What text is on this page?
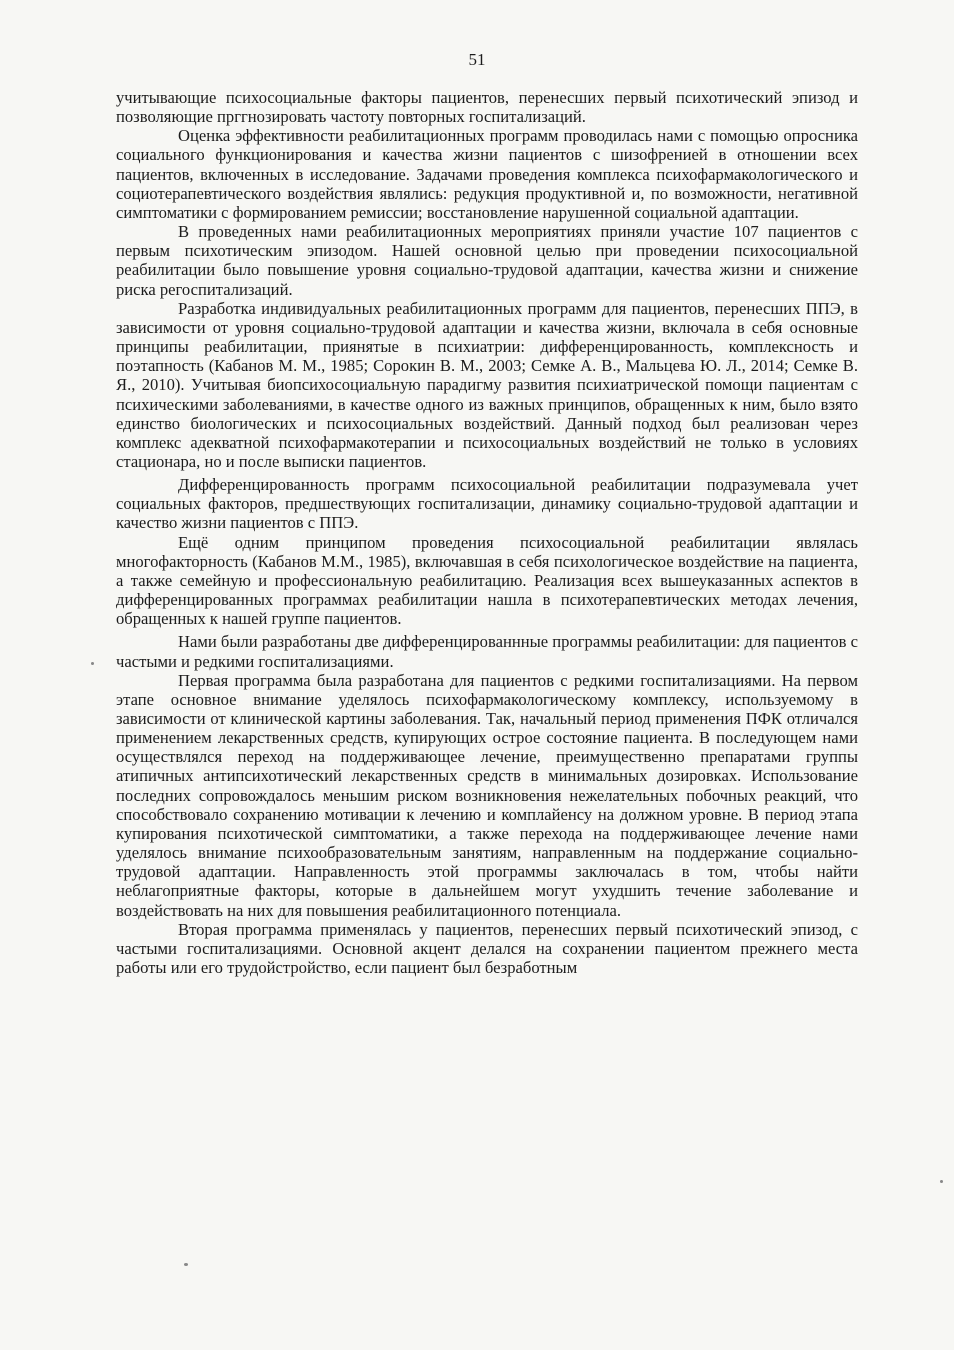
51

учитывающие психосоциальные факторы пациентов, перенесших первый психотический эпизод и позволяющие прггнозировать частоту повторных госпитализаций.

Оценка эффективности реабилитационных программ проводилась нами с помощью опросника социального функционирования и качества жизни пациентов с шизофренией в отношении всех пациентов, включенных в исследование. Задачами проведения комплекса психофармакологического и социотерапевтического воздействия являлись: редукция продуктивной и, по возможности, негативной симптоматики с формированием ремиссии; восстановление нарушенной социальной адаптации.

В проведенных нами реабилитационных мероприятиях приняли участие 107 пациентов с первым психотическим эпизодом. Нашей основной целью при проведении психосоциальной реабилитации было повышение уровня социально-трудовой адаптации, качества жизни и снижение риска регоспитализаций.

Разработка индивидуальных реабилитационных программ для пациентов, перенесших ППЭ, в зависимости от уровня социально-трудовой адаптации и качества жизни, включала в себя основные принципы реабилитации, приянятые в психиатрии: дифференцированность, комплексность и поэтапность (Кабанов М. М., 1985; Сорокин В. М., 2003; Семке А. В., Мальцева Ю. Л., 2014; Семке В. Я., 2010). Учитывая биопсихосоциальную парадигму развития психиатрической помощи пациентам с психическими заболеваниями, в качестве одного из важных принципов, обращенных к ним, было взято единство биологических и психосоциальных воздействий. Данный подход был реализован через комплекс адекватной психофармакотерапии и психосоциальных воздействий не только в условиях стационара, но и после выписки пациентов.

Дифференцированность программ психосоциальной реабилитации подразумевала учет социальных факторов, предшествующих госпитализации, динамику социально-трудовой адаптации и качество жизни пациентов с ППЭ.

Ещё одним принципом проведения психосоциальной реабилитации являлась многофакторность (Кабанов М.М., 1985), включавшая в себя психологическое воздействие на пациента, а также семейную и профессиональную реабилитацию. Реализация всех вышеуказанных аспектов в дифференцированных программах реабилитации нашла в психотерапевтических методах лечения, обращенных к нашей группе пациентов.

Нами были разработаны две дифференцированнные программы реабилитации: для пациентов с частыми и редкими госпитализациями.

Первая программа была разработана для пациентов с редкими госпитализациями. На первом этапе основное внимание уделялось психофармакологическому комплексу, используемому в зависимости от клинической картины заболевания. Так, начальный период применения ПФК отличался применением лекарственных средств, купирующих острое состояние пациента. В последующем нами осуществлялся переход на поддерживающее лечение, преимущественно препаратами группы атипичных антипсихотический лекарственных средств в минимальных дозировках. Использование последних сопровождалось меньшим риском возникновения нежелательных побочных реакций, что способствовало сохранению мотивации к лечению и комплайенсу на должном уровне. В период этапа купирования психотической симптоматики, а также перехода на поддерживающее лечение нами уделялось внимание психообразовательным занятиям, направленным на поддержание социально-трудовой адаптации. Направленность этой программы заключалась в том, чтобы найти неблагоприятные факторы, которые в дальнейшем могут ухудшить течение заболевание и воздействовать на них для повышения реабилитационного потенциала.

Вторая программа применялась у пациентов, перенесших первый психотический эпизод, с частыми госпитализациями. Основной акцент делался на сохранении пациентом прежнего места работы или его трудойстройство, если пациент был безработным
